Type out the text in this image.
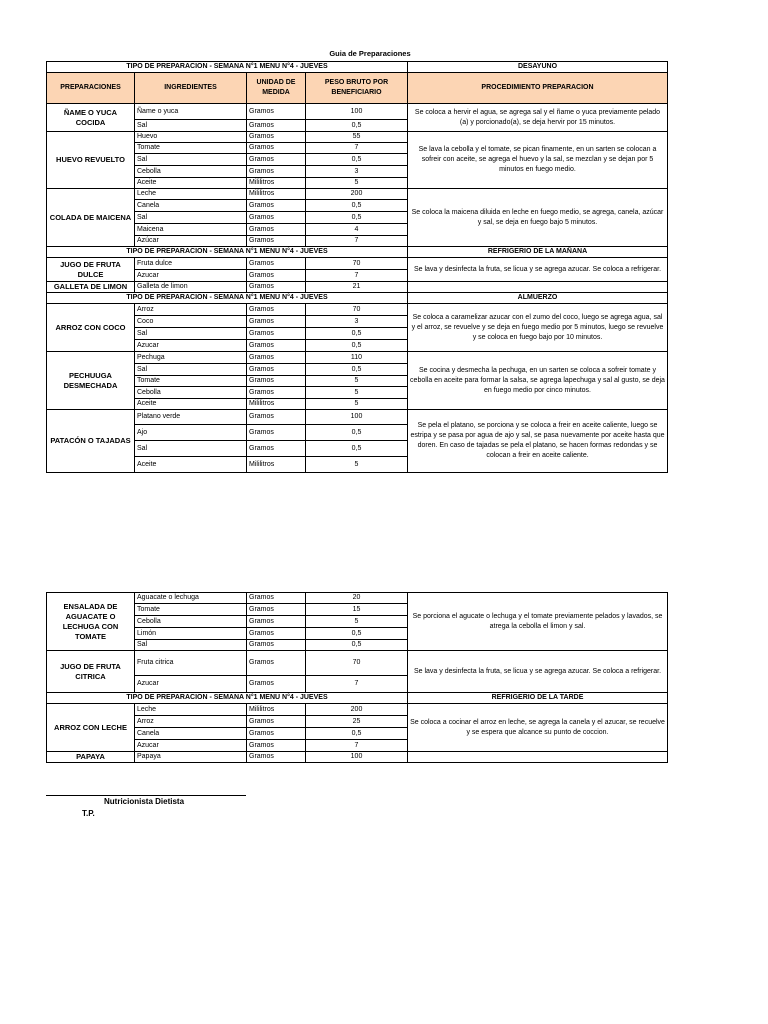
Guia de Preparaciones
TIPO DE PREPARACION - SEMANA N°1 MENU N°4 - JUEVES				DESAYUNO
PREPARACIONES	INGREDIENTES	UNIDAD DE MEDIDA	PESO BRUTO POR BENEFICIARIO	PROCEDIMIENTO PREPARACION
ÑAME O YUCA COCIDA	Ñame o yuca	Gramos	100	Se coloca a hervir el agua, se agrega sal y el ñame o yuca previamente pelado (a) y porcionado(a), se deja hervir por 15 minutos.
	Sal	Gramos	0,5	
HUEVO REVUELTO	Huevo	Gramos	55	Se lava la cebolla y el tomate, se pican finamente, en un sarten se colocan a sofreir con aceite, se agrega el huevo y la sal, se mezclan y se dejan por 5 minutos en fuego medio.
	Tomate	Gramos	7	
	Sal	Gramos	0,5	
	Cebolla	Gramos	3	
	Aceite	Mililitros	5	
COLADA DE MAICENA	Leche	Mililitros	200	Se coloca la maicena diluida en leche en fuego medio, se agrega, canela, azúcar y sal, se deja en fuego bajo 5 minutos.
	Canela	Gramos	0,5	
	Sal	Gramos	0,5	
	Maicena	Gramos	4	
	Azúcar	Gramos	7	
TIPO DE PREPARACION - SEMANA N°1 MENU N°4 - JUEVES				REFRIGERIO DE LA MAÑANA
JUGO DE FRUTA DULCE	Fruta dulce	Gramos	70	Se lava y desinfecta la fruta, se licua y se agrega azucar. Se coloca a refrigerar.
	Azucar	Gramos	7	
GALLETA DE LIMON	Galleta de limon	Gramos	21	
TIPO DE PREPARACION - SEMANA N°1 MENU N°4 - JUEVES				ALMUERZO
ARROZ CON COCO	Arroz	Gramos	70	Se coloca a caramelizar azucar con el zumo del coco, luego se agrega agua, sal y el arroz, se revuelve y se deja en fuego medio por 5 minutos, luego se revuelve y se coloca en fuego bajo por 10 minutos.
	Coco	Gramos	3	
	Sal	Gramos	0,5	
	Azucar	Gramos	0,5	
PECHUUGA DESMECHADA	Pechuga	Gramos	110	Se cocina y desmecha la pechuga, en un sarten se coloca a sofreir tomate y cebolla en aceite para formar la salsa, se agrega lapechuga y sal al gusto, se deja en fuego medio por cinco minutos.
	Sal	Gramos	0,5	
	Tomate	Gramos	5	
	Cebolla	Gramos	5	
	Aceite	Mililitros	5	
PATACÓN O TAJADAS	Platano verde	Gramos	100	Se pela el platano, se porciona y se coloca a freir en aceite caliente, luego se estripa y se pasa por agua de ajo y sal, se pasa nuevamente por aceite hasta que doren. En caso de tajadas se pela el platano, se hacen formas redondas y se colocan a freir en aceite caliente.
	Ajo	Gramos	0,5	
	Sal	Gramos	0,5	
	Aceite	Mililitros	5	
ENSALADA DE AGUACATE O LECHUGA CON TOMATE	Aguacate o lechuga	Gramos	20	Se porciona el agucate o lechuga y el tomate previamente pelados y lavados, se atrega la cebolla el limon y sal.
	Tomate	Gramos	15	
	Cebolla	Gramos	5	
	Limón	Gramos	0,5	
	Sal	Gramos	0,5	
JUGO DE FRUTA CITRICA	Fruta citrica	Gramos	70	Se lava y desinfecta la fruta, se licua y se agrega azucar. Se coloca a refrigerar.
	Azucar	Gramos	7	
TIPO DE PREPARACION - SEMANA N°1 MENU N°4 - JUEVES				REFRIGERIO DE LA TARDE
ARROZ CON LECHE	Leche	Mililitros	200	Se coloca a cocinar el arroz en leche, se agrega la canela y el azucar, se recuelve y se espera que alcance su punto de coccion.
	Arroz	Gramos	25	
	Canela	Gramos	0,5	
	Azucar	Gramos	7	
PAPAYA	Papaya	Gramos	100	
Nutricionista Dietista
T.P.
